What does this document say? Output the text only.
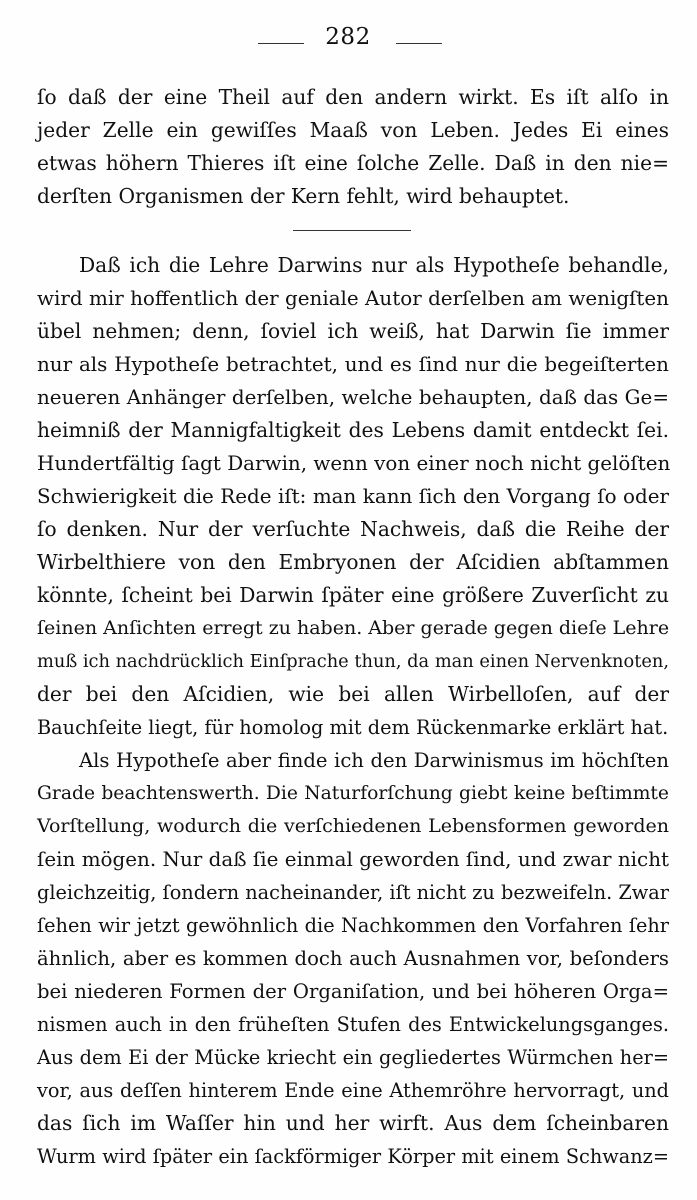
282
ſo daß der eine Theil auf den andern wirkt. Es iſt alſo in
jeder Zelle ein gewiſſes Maaß von Leben. Jedes Ei eines
etwas höhern Thieres iſt eine ſolche Zelle. Daß in den nie=
derſten Organismen der Kern fehlt, wird behauptet.
Daß ich die Lehre Darwins nur als Hypotheſe behandle,
wird mir hoffentlich der geniale Autor derſelben am wenigſten
übel nehmen; denn, ſoviel ich weiß, hat Darwin ſie immer
nur als Hypotheſe betrachtet, und es ſind nur die begeiſterten
neueren Anhänger derſelben, welche behaupten, daß das Ge=
heimniß der Mannigfaltigkeit des Lebens damit entdeckt ſei.
Hundertfältig ſagt Darwin, wenn von einer noch nicht gelöſten
Schwierigkeit die Rede iſt: man kann ſich den Vorgang ſo oder
ſo denken. Nur der verſuchte Nachweis, daß die Reihe der
Wirbelthiere von den Embryonen der Aſcidien abſtammen
könnte, ſcheint bei Darwin ſpäter eine größere Zuverſicht zu
ſeinen Anſichten erregt zu haben. Aber gerade gegen dieſe Lehre
muß ich nachdrücklich Einſprache thun, da man einen Nervenknoten,
der bei den Aſcidien, wie bei allen Wirbelloſen, auf der
Bauchſeite liegt, für homolog mit dem Rückenmarke erklärt hat.
Als Hypotheſe aber finde ich den Darwinismus im höchſten
Grade beachtenswerth. Die Naturforſchung giebt keine beſtimmte
Vorſtellung, wodurch die verſchiedenen Lebensformen geworden
ſein mögen. Nur daß ſie einmal geworden ſind, und zwar nicht
gleichzeitig, ſondern nacheinander, iſt nicht zu bezweifeln. Zwar
ſehen wir jetzt gewöhnlich die Nachkommen den Vorfahren ſehr
ähnlich, aber es kommen doch auch Ausnahmen vor, beſonders
bei niederen Formen der Organiſation, und bei höheren Orga=
nismen auch in den früheſten Stufen des Entwickelungsganges.
Aus dem Ei der Mücke kriecht ein gegliedertes Würmchen her=
vor, aus deſſen hinterem Ende eine Athemröhre hervorragt, und
das ſich im Waſſer hin und her wirft. Aus dem ſcheinbaren
Wurm wird ſpäter ein ſackförmiger Körper mit einem Schwanz=
